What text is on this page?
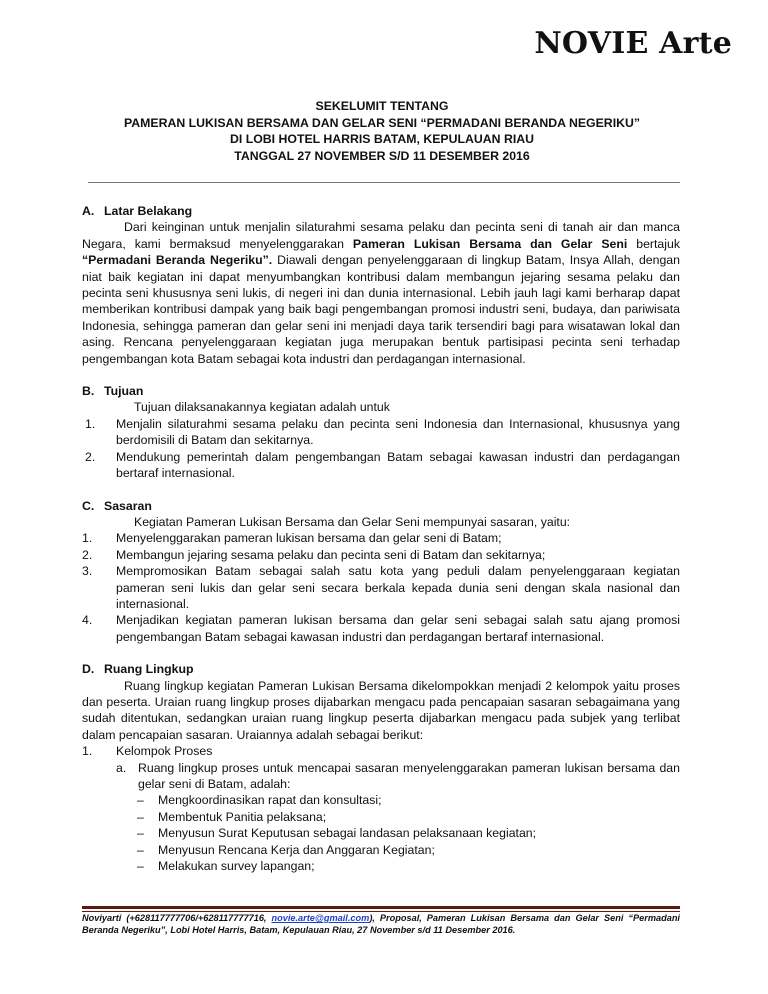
NOVIE Arte
SEKELUMIT TENTANG
PAMERAN LUKISAN BERSAMA DAN GELAR SENI “PERMADANI BERANDA NEGERIKU”
DI LOBI HOTEL HARRIS BATAM, KEPULAUAN RIAU
TANGGAL 27 NOVEMBER S/D 11 DESEMBER 2016

A. Latar Belakang

Dari keinginan untuk menjalin silaturahmi sesama pelaku dan pecinta seni di tanah air dan manca Negara, kami bermaksud menyelenggarakan Pameran Lukisan Bersama dan Gelar Seni bertajuk “Permadani Beranda Negeriku”. Diawali dengan penyelenggaraan di lingkup Batam, Insya Allah, dengan niat baik kegiatan ini dapat menyumbangkan kontribusi dalam membangun jejaring sesama pelaku dan pecinta seni khususnya seni lukis, di negeri ini dan dunia internasional. Lebih jauh lagi kami berharap dapat memberikan kontribusi dampak yang baik bagi pengembangan promosi industri seni, budaya, dan pariwisata Indonesia, sehingga pameran dan gelar seni ini menjadi daya tarik tersendiri bagi para wisatawan lokal dan asing. Rencana penyelenggaraan kegiatan juga merupakan bentuk partisipasi pecinta seni terhadap pengembangan kota Batam sebagai kota industri dan perdagangan internasional.

B. Tujuan

Tujuan dilaksanakannya kegiatan adalah untuk

1. Menjalin silaturahmi sesama pelaku dan pecinta seni Indonesia dan Internasional, khususnya yang berdomisili di Batam dan sekitarnya.
2. Mendukung pemerintah dalam pengembangan Batam sebagai kawasan industri dan perdagangan bertaraf internasional.

C. Sasaran

Kegiatan Pameran Lukisan Bersama dan Gelar Seni mempunyai sasaran, yaitu:

1. Menyelenggarakan pameran lukisan bersama dan gelar seni di Batam;
2. Membangun jejaring sesama pelaku dan pecinta seni di Batam dan sekitarnya;
3. Mempromosikan Batam sebagai salah satu kota yang peduli dalam penyelenggaraan kegiatan pameran seni lukis dan gelar seni secara berkala kepada dunia seni dengan skala nasional dan internasional.
4. Menjadikan kegiatan pameran lukisan bersama dan gelar seni sebagai salah satu ajang promosi pengembangan Batam sebagai kawasan industri dan perdagangan bertaraf internasional.

D. Ruang Lingkup

Ruang lingkup kegiatan Pameran Lukisan Bersama dikelompokkan menjadi 2 kelompok yaitu proses dan peserta. Uraian ruang lingkup proses dijabarkan mengacu pada pencapaian sasaran sebagaimana yang sudah ditentukan, sedangkan uraian ruang lingkup peserta dijabarkan mengacu pada subjek yang terlibat dalam pencapaian sasaran. Uraiannya adalah sebagai berikut:

1. Kelompok Proses
a. Ruang lingkup proses untuk mencapai sasaran menyelenggarakan pameran lukisan bersama dan gelar seni di Batam, adalah:
– Mengkoordinasikan rapat dan konsultasi;
– Membentuk Panitia pelaksana;
– Menyusun Surat Keputusan sebagai landasan pelaksanaan kegiatan;
– Menyusun Rencana Kerja dan Anggaran Kegiatan;
– Melakukan survey lapangan;
Noviyarti (+628117777706/+628117777716, novie.arte@gmail.com), Proposal, Pameran Lukisan Bersama dan Gelar Seni “Permadani Beranda Negeriku”, Lobi Hotel Harris, Batam, Kepulauan Riau, 27 November s/d 11 Desember 2016.
